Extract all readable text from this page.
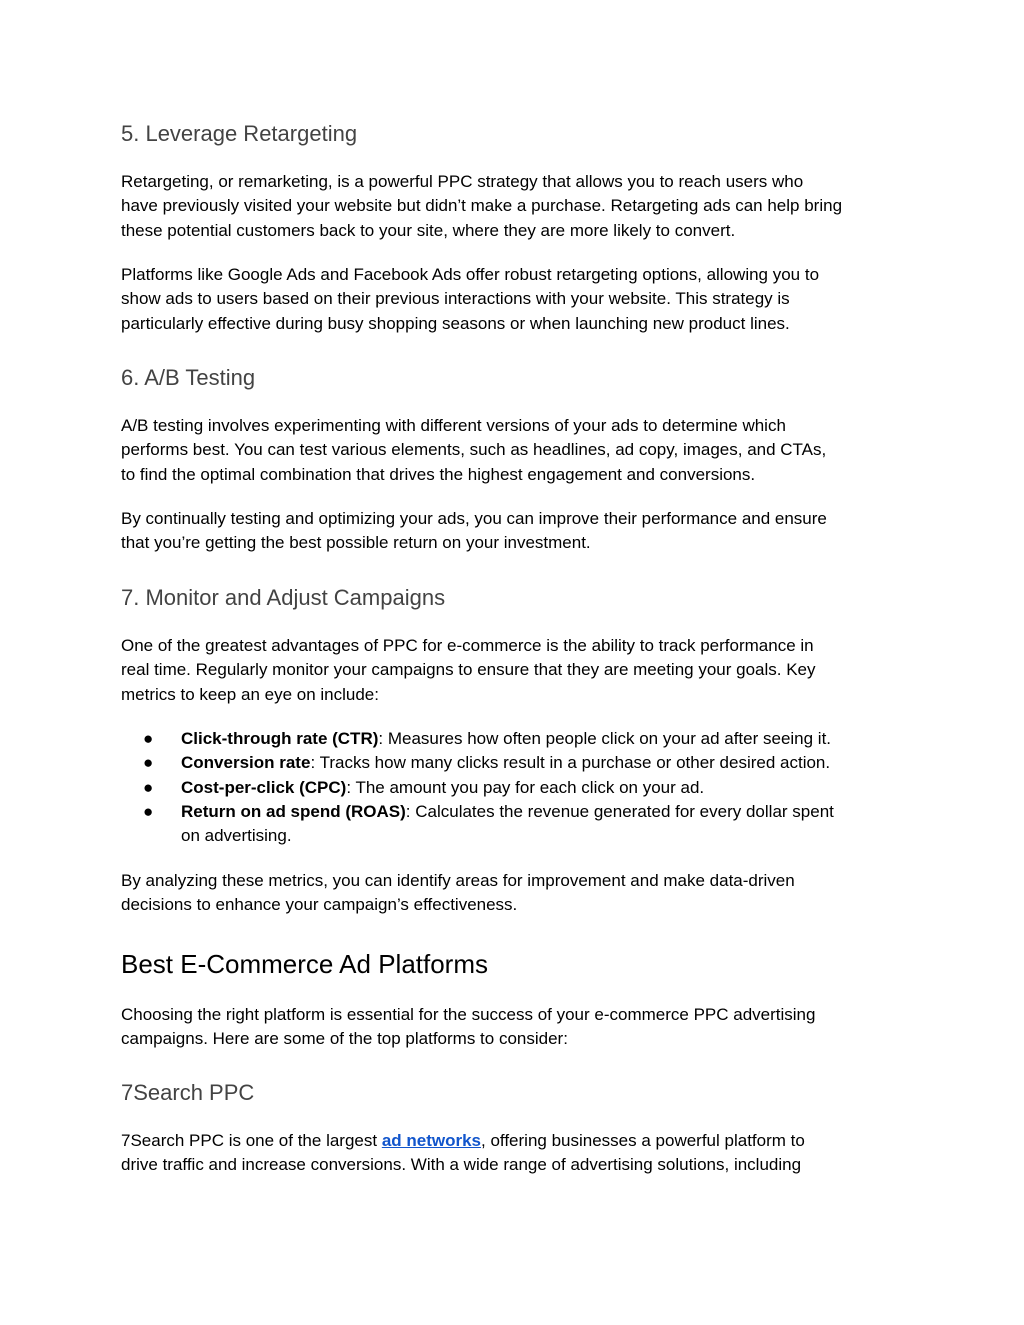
5. Leverage Retargeting
Retargeting, or remarketing, is a powerful PPC strategy that allows you to reach users who
have previously visited your website but didn’t make a purchase. Retargeting ads can help bring
these potential customers back to your site, where they are more likely to convert.
Platforms like Google Ads and Facebook Ads offer robust retargeting options, allowing you to
show ads to users based on their previous interactions with your website. This strategy is
particularly effective during busy shopping seasons or when launching new product lines.
6. A/B Testing
A/B testing involves experimenting with different versions of your ads to determine which
performs best. You can test various elements, such as headlines, ad copy, images, and CTAs,
to find the optimal combination that drives the highest engagement and conversions.
By continually testing and optimizing your ads, you can improve their performance and ensure
that you’re getting the best possible return on your investment.
7. Monitor and Adjust Campaigns
One of the greatest advantages of PPC for e-commerce is the ability to track performance in
real time. Regularly monitor your campaigns to ensure that they are meeting your goals. Key
metrics to keep an eye on include:
● Click-through rate (CTR): Measures how often people click on your ad after seeing it.
● Conversion rate: Tracks how many clicks result in a purchase or other desired action.
● Cost-per-click (CPC): The amount you pay for each click on your ad.
● Return on ad spend (ROAS): Calculates the revenue generated for every dollar spent
on advertising.
By analyzing these metrics, you can identify areas for improvement and make data-driven
decisions to enhance your campaign’s effectiveness.
Best E-Commerce Ad Platforms
Choosing the right platform is essential for the success of your e-commerce PPC advertising
campaigns. Here are some of the top platforms to consider:
7Search PPC
7Search PPC is one of the largest ad networks, offering businesses a powerful platform to
drive traffic and increase conversions. With a wide range of advertising solutions, including
